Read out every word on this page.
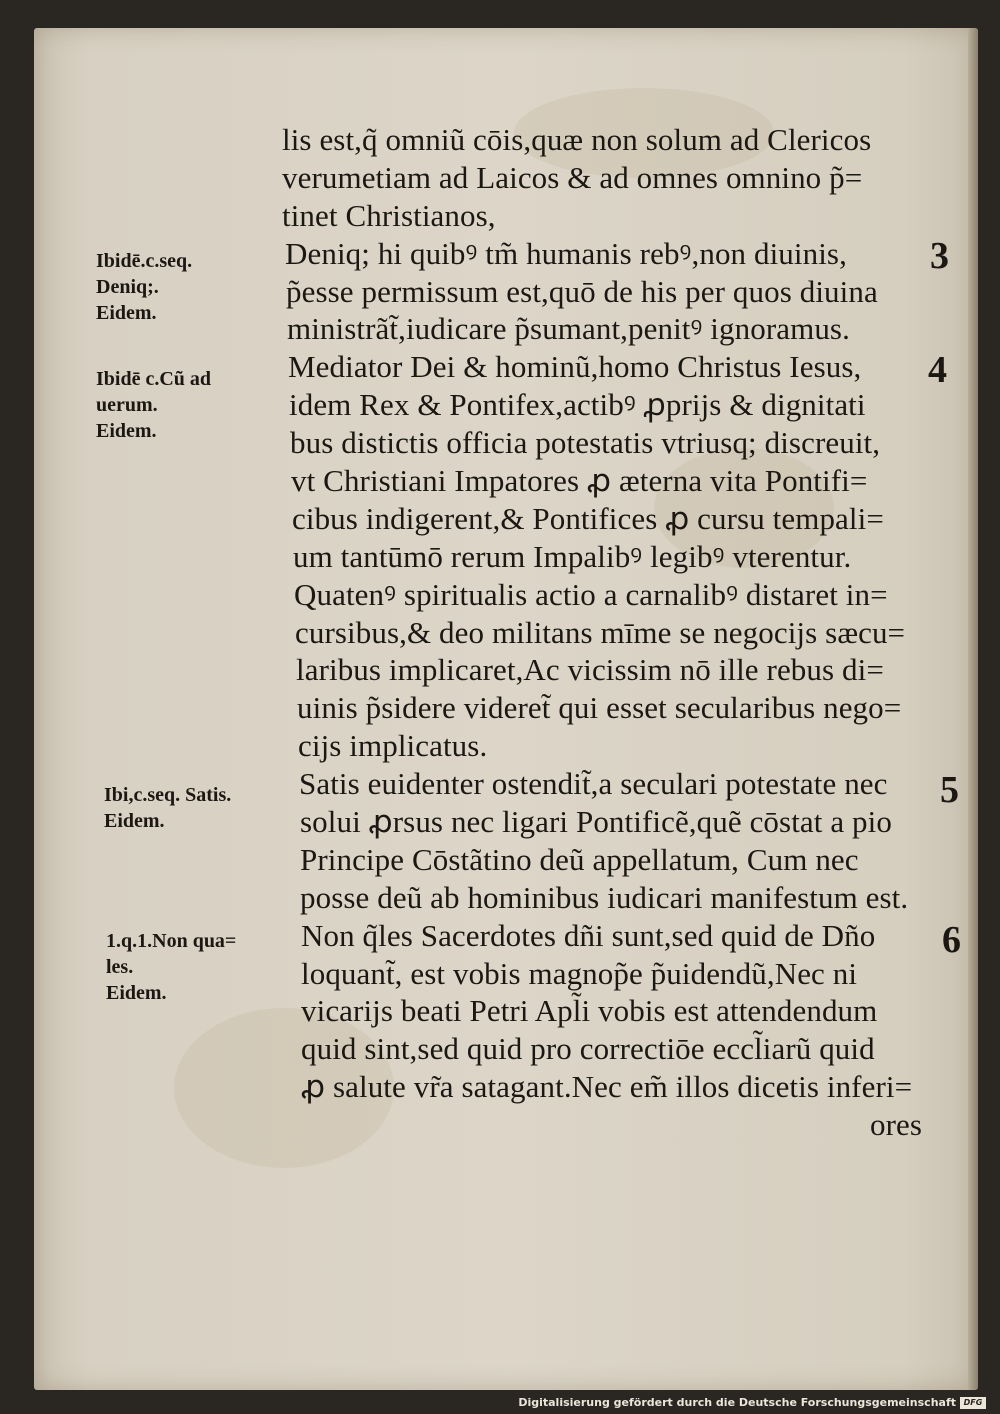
lis est,q̃ omniũ cōis,quæ non solum ad Clericos
verumetiam ad Laicos & ad omnes omnino p̃=
tinet Christianos,
Deniq; hi quibꝰ tm̃ humanis rebꝰ,non diuinis,
p̃esse permissum est,quō de his per quos diuina
ministrãt̃,iudicare p̃sumant,penitꝰ ignoramus.
Mediator Dei & hominũ,homo Christus Iesus,
idem Rex & Pontifex,actibꝰ ꝓprijs & dignitati
bus distictis officia potestatis vtriusq; discreuit,
vt Christiani Impatores ꝓ æterna vita Pontifi=
cibus indigerent,& Pontifices ꝓ cursu tempali=
um tantūmō rerum Impalibꝰ legibꝰ vterentur.
Quatenꝰ spiritualis actio a carnalibꝰ distaret in=
cursibus,& deo militans mīme se negocijs sæcu=
laribus implicaret,Ac vicissim nō ille rebus di=
uinis p̃sidere videret̃ qui esset secularibus nego=
cijs implicatus.
Satis euidenter ostendit̃,a seculari potestate nec
solui ꝓrsus nec ligari Pontificẽ,quẽ cōstat a pio
Principe Cōstãtino deũ appellatum, Cum nec
posse deũ ab hominibus iudicari manifestum est.
Non q̃les Sacerdotes dñi sunt,sed quid de Dño
loquant̃, est vobis magnop̃e p̃uidendũ,Nec ni
vicarijs beati Petri Apl̃i vobis est attendendum
quid sint,sed quid pro correctiōe eccl̃iarũ quid
ꝓ salute vr̃a satagant.Nec em̃ illos dicetis inferi=
ores
Ibidē.c.seq.
Deniq;.
Eidem.
Ibidē c.Cũ ad
uerum.
Eidem.
Ibi,c.seq. Satis.
Eidem.
1.q.1.Non qua=
les.
Eidem.
3
4
5
6
Digitalisierung gefördert durch die Deutsche Forschungsgemeinschaft DFG
